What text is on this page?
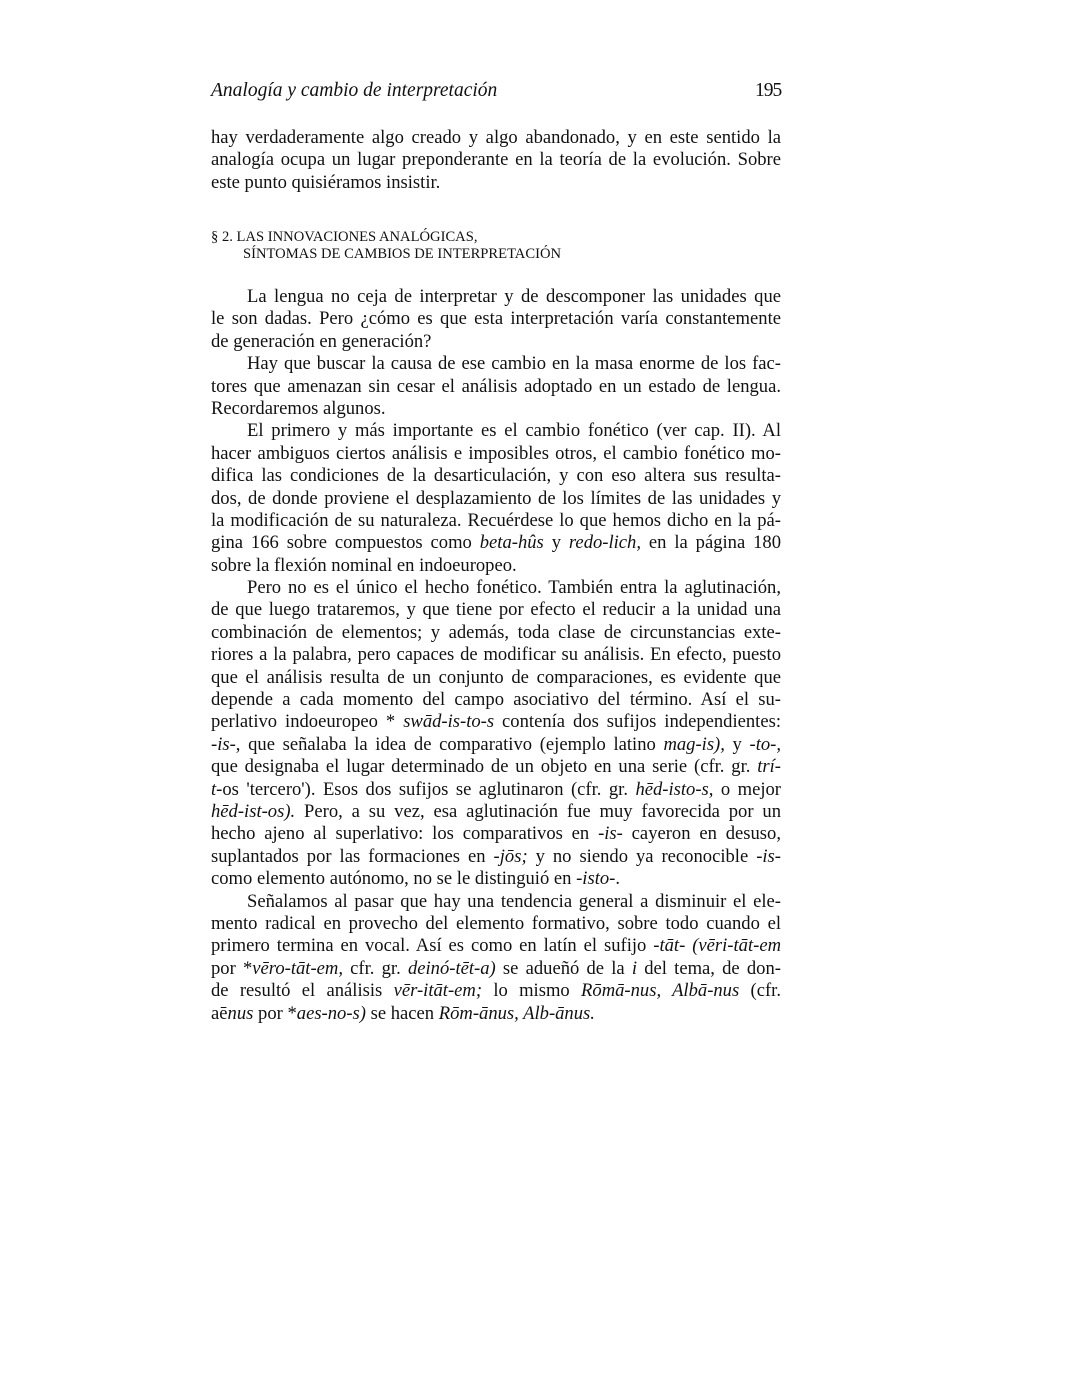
Analogía y cambio de interpretación	195
hay verdaderamente algo creado y algo abandonado, y en este sentido la
analogía ocupa un lugar preponderante en la teoría de la evolución. Sobre
este punto quisiéramos insistir.
§ 2. LAS INNOVACIONES ANALÓGICAS,
SÍNTOMAS DE CAMBIOS DE INTERPRETACIÓN
La lengua no ceja de interpretar y de descomponer las unidades que
le son dadas. Pero ¿cómo es que esta interpretación varía constantemente
de generación en generación?
Hay que buscar la causa de ese cambio en la masa enorme de los fac-
tores que amenazan sin cesar el análisis adoptado en un estado de lengua.
Recordaremos algunos.
El primero y más importante es el cambio fonético (ver cap. II). Al
hacer ambiguos ciertos análisis e imposibles otros, el cambio fonético mo-
difica las condiciones de la desarticulación, y con eso altera sus resulta-
dos, de donde proviene el desplazamiento de los límites de las unidades y
la modificación de su naturaleza. Recuérdese lo que hemos dicho en la pá-
gina 166 sobre compuestos como beta-hûs y redo-lich, en la página 180
sobre la flexión nominal en indoeuropeo.
Pero no es el único el hecho fonético. También entra la aglutinación,
de que luego trataremos, y que tiene por efecto el reducir a la unidad una
combinación de elementos; y además, toda clase de circunstancias exte-
riores a la palabra, pero capaces de modificar su análisis. En efecto, puesto
que el análisis resulta de un conjunto de comparaciones, es evidente que
depende a cada momento del campo asociativo del término. Así el su-
perlativo indoeuropeo * swād-is-to-s contenía dos sufijos independientes:
-is-, que señalaba la idea de comparativo (ejemplo latino mag-is), y -to-,
que designaba el lugar determinado de un objeto en una serie (cfr. gr. trí-
t-os 'tercero'). Esos dos sufijos se aglutinaron (cfr. gr. hēd-isto-s, o mejor
hēd-ist-os). Pero, a su vez, esa aglutinación fue muy favorecida por un
hecho ajeno al superlativo: los comparativos en -is- cayeron en desuso,
suplantados por las formaciones en -jōs; y no siendo ya reconocible -is-
como elemento autónomo, no se le distinguió en -isto-.
Señalamos al pasar que hay una tendencia general a disminuir el ele-
mento radical en provecho del elemento formativo, sobre todo cuando el
primero termina en vocal. Así es como en latín el sufijo -tāt- (vēri-tāt-em
por *vēro-tāt-em, cfr. gr. deinó-tēt-a) se adueñó de la i del tema, de don-
de resultó el análisis vēr-itāt-em; lo mismo Rōmā-nus, Albā-nus (cfr.
aēnus por *aes-no-s) se hacen Rōm-ānus, Alb-ānus.
